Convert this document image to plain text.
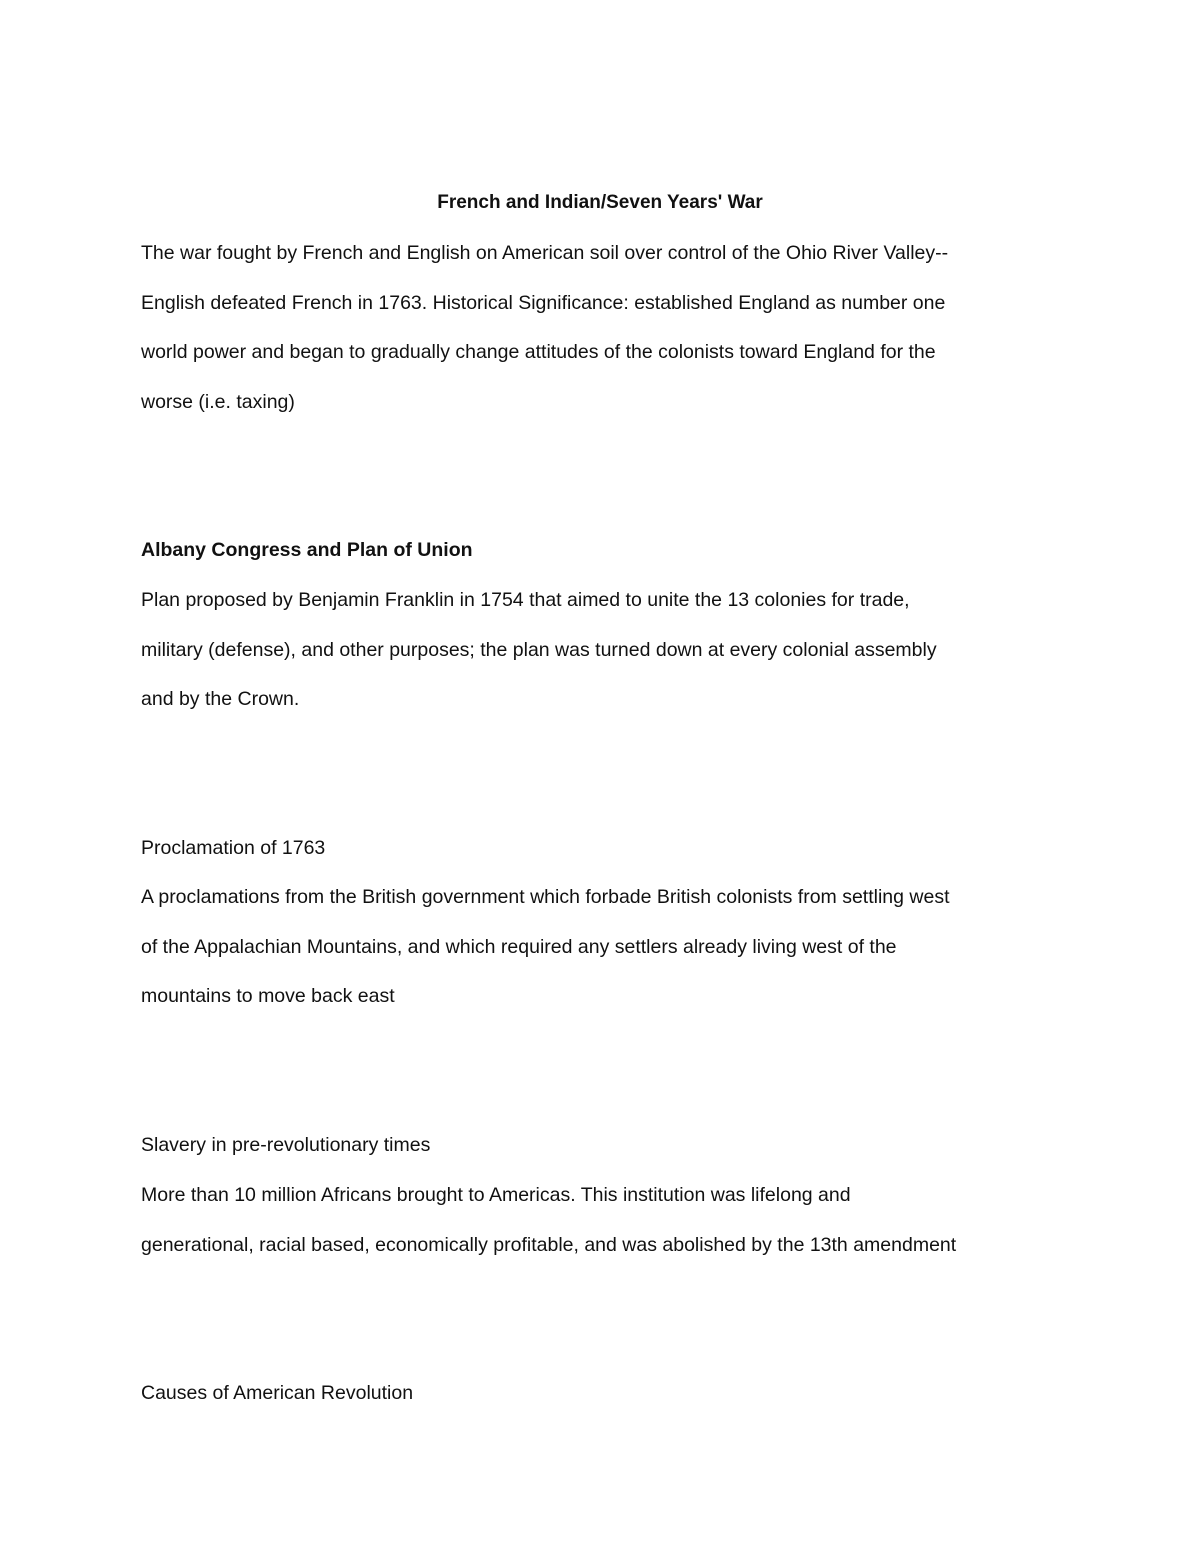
French and Indian/Seven Years' War
The war fought by French and English on American soil over control of the Ohio River Valley--
English defeated French in 1763. Historical Significance: established England as number one
world power and began to gradually change attitudes of the colonists toward England for the
worse (i.e. taxing)
Albany Congress and Plan of Union
Plan proposed by Benjamin Franklin in 1754 that aimed to unite the 13 colonies for trade,
military (defense), and other purposes; the plan was turned down at every colonial assembly
and by the Crown.
Proclamation of 1763
A proclamations from the British government which forbade British colonists from settling west
of the Appalachian Mountains, and which required any settlers already living west of the
mountains to move back east
Slavery in pre-revolutionary times
More than 10 million Africans brought to Americas. This institution was lifelong and
generational, racial based, economically profitable, and was abolished by the 13th amendment
Causes of American Revolution
